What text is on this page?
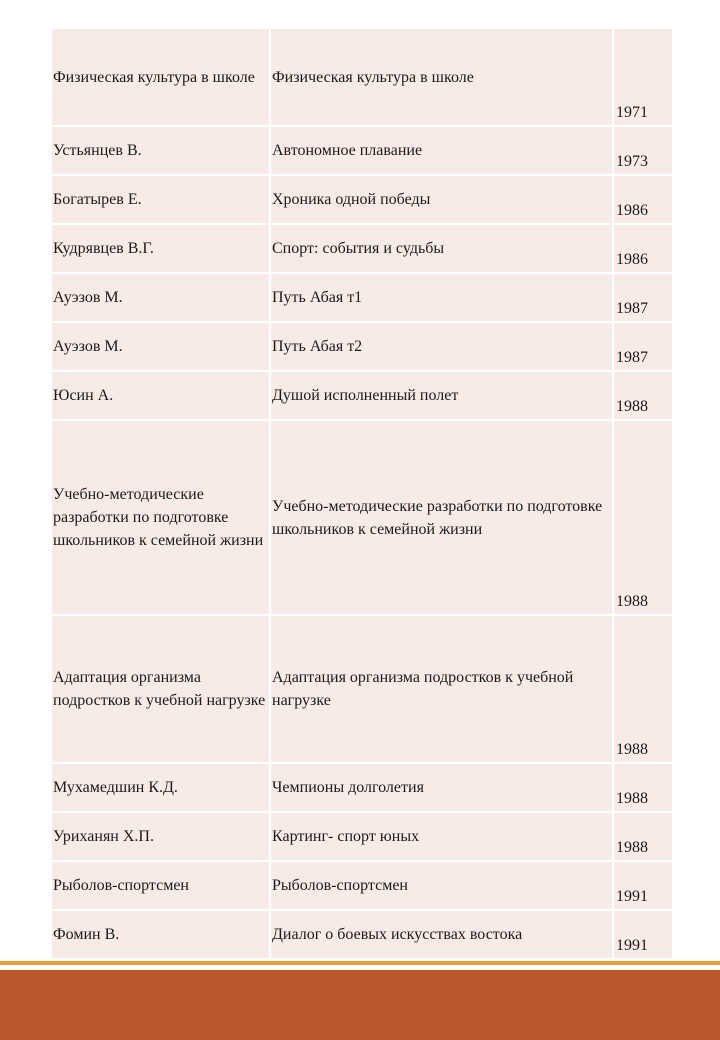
Физическая культура в школе	Физическая культура в школе	1971
Устьянцев В.	Автономное плавание	1973
Богатырев Е.	Хроника одной победы	1986
Кудрявцев В.Г.	Спорт: события и судьбы	1986
Ауэзов М.	Путь Абая т1	1987
Ауэзов М.	Путь Абая т2	1987
Юсин А.	Душой исполненный полет	1988
Учебно-методические разработки по подготовке школьников к семейной жизни	Учебно-методические разработки по подготовке школьников к семейной жизни	1988
Адаптация организма подростков к учебной нагрузке	Адаптация организма подростков к учебной нагрузке	1988
Мухамедшин К.Д.	Чемпионы долголетия	1988
Уриханян Х.П.	Картинг- спорт юных	1988
Рыболов-спортсмен	Рыболов-спортсмен	1991
Фомин В.	Диалог о боевых искусствах востока	1991
